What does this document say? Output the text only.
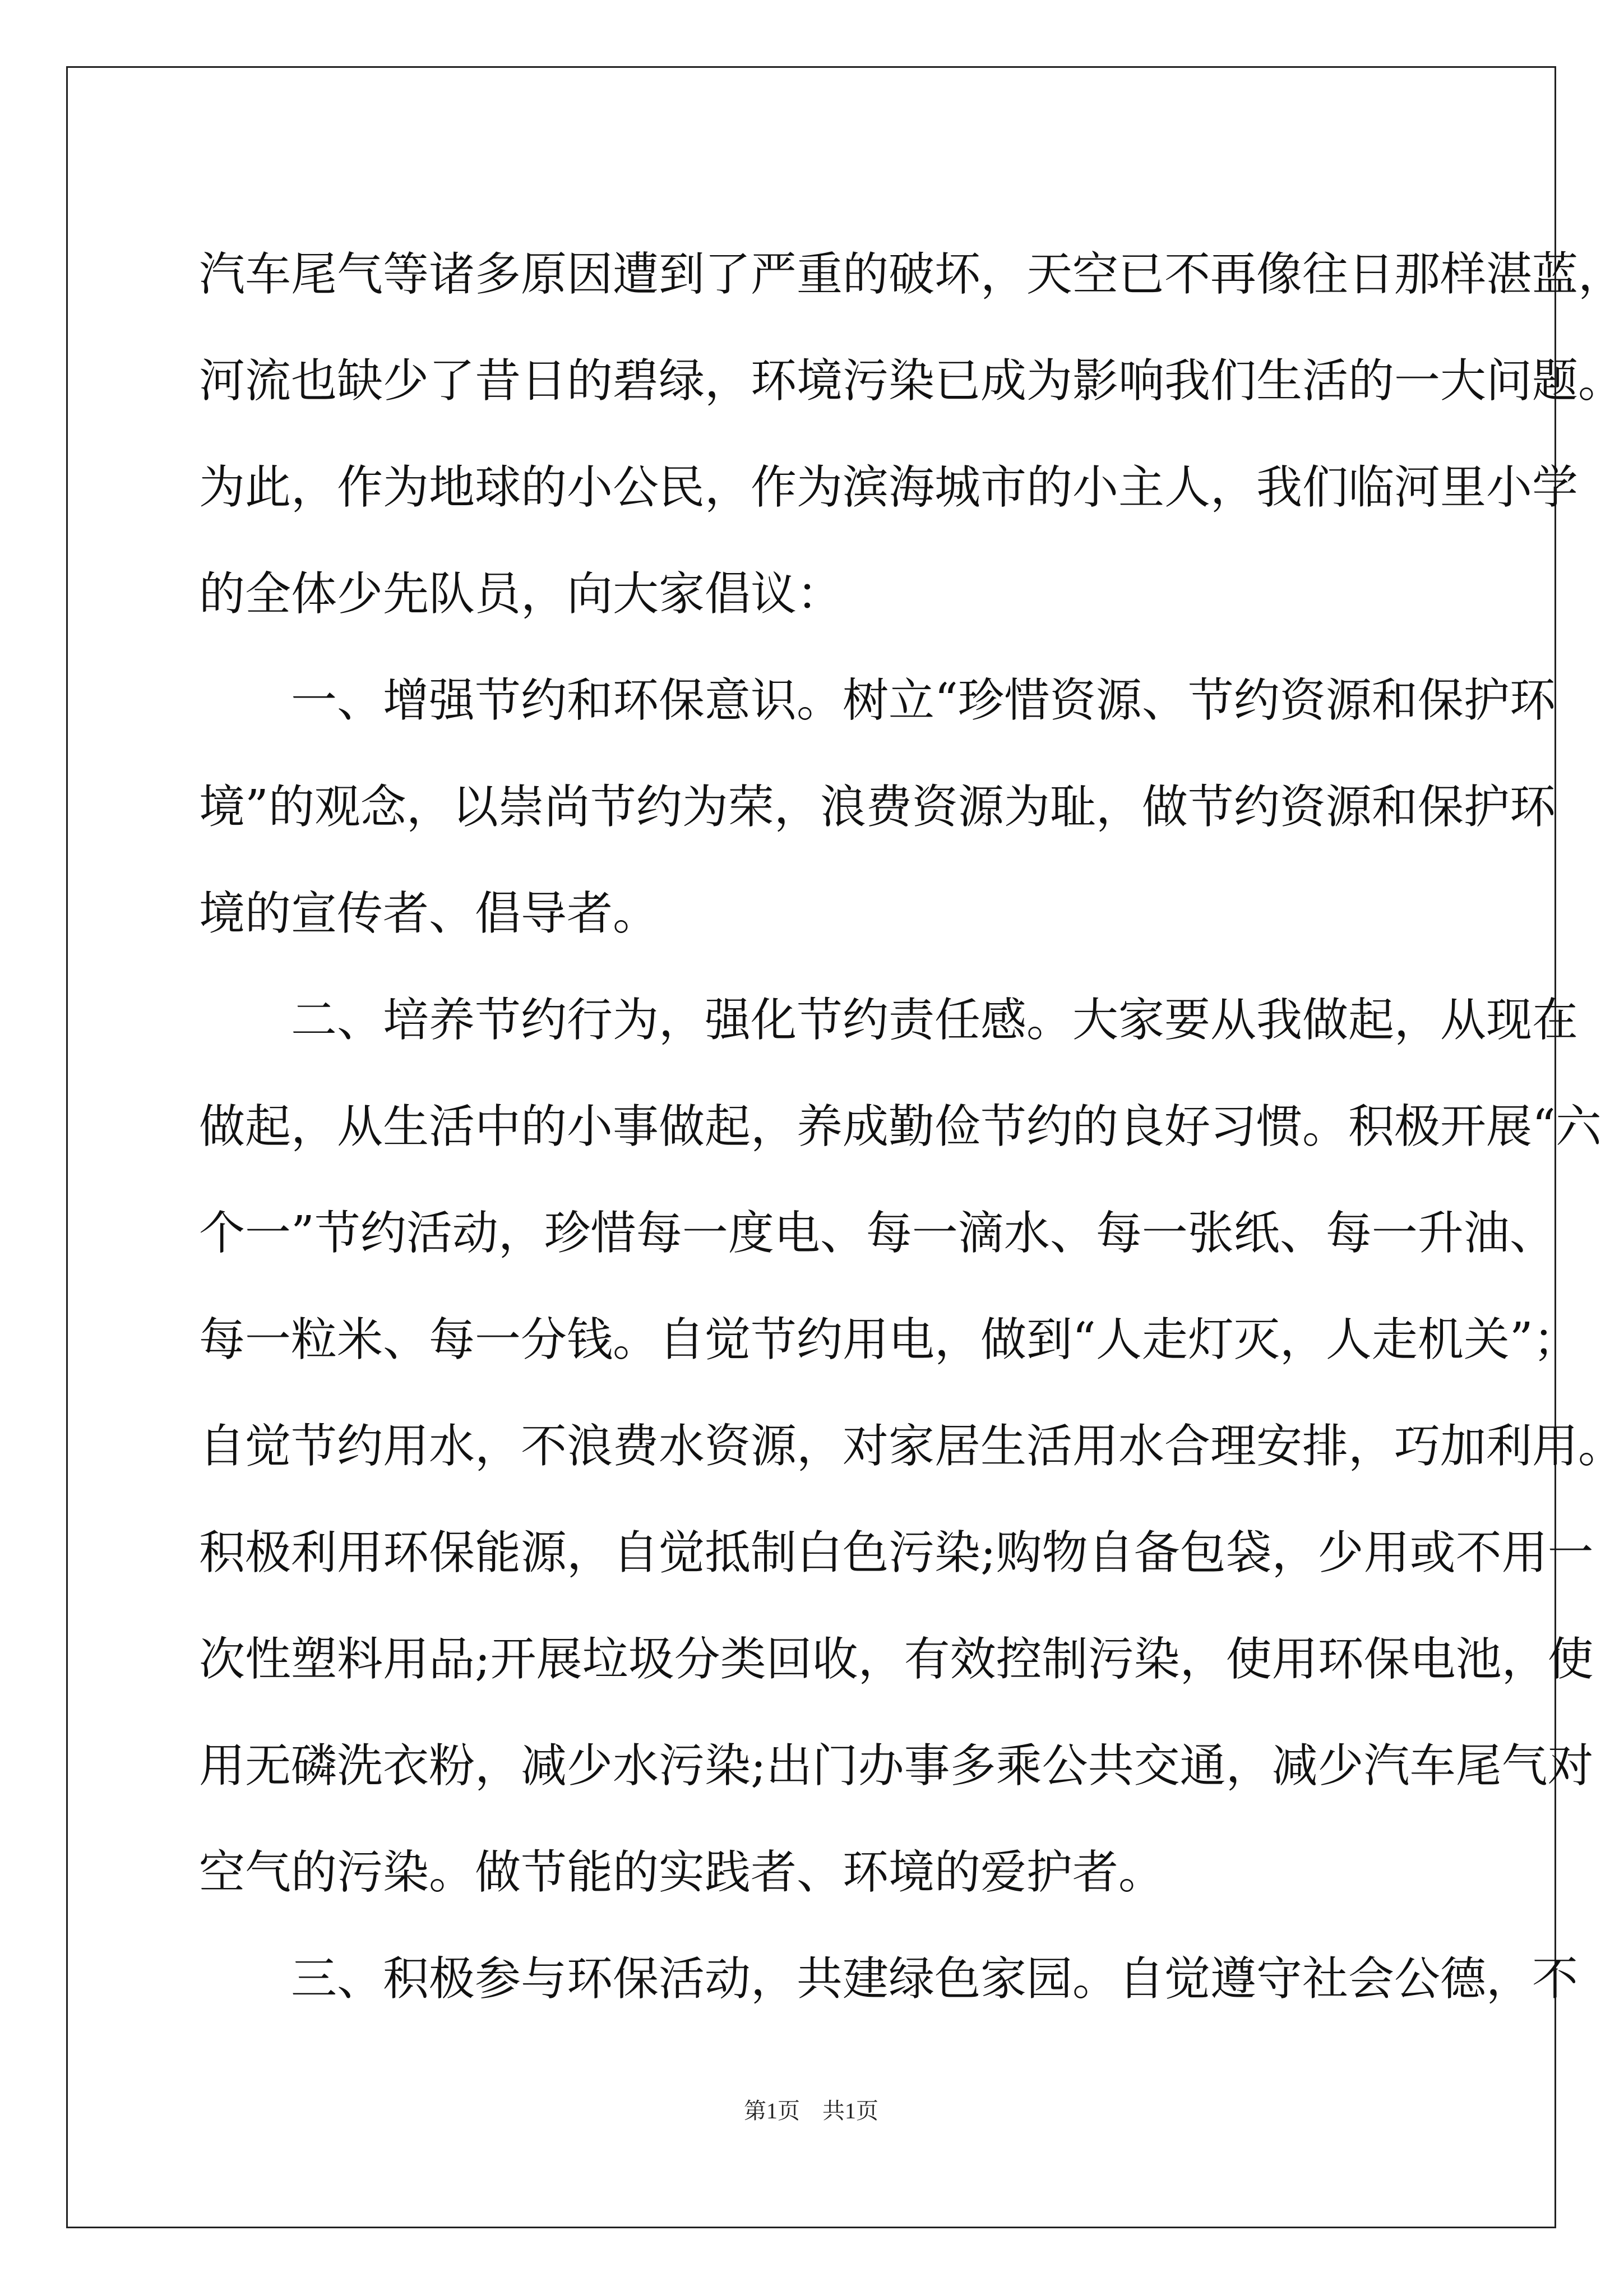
汽车尾气等诸多原因遭到了严重的破坏，天空已不再像往日那样湛蓝，
河流也缺少了昔日的碧绿，环境污染已成为影响我们生活的一大问题。
为此，作为地球的小公民，作为滨海城市的小主人，我们临河里小学
的全体少先队员，向大家倡议：
　　一、增强节约和环保意识。树立“珍惜资源、节约资源和保护环
境”的观念，以崇尚节约为荣，浪费资源为耻，做节约资源和保护环
境的宣传者、倡导者。
　　二、培养节约行为，强化节约责任感。大家要从我做起，从现在
做起，从生活中的小事做起，养成勤俭节约的良好习惯。积极开展“六
个一”节约活动，珍惜每一度电、每一滴水、每一张纸、每一升油、
每一粒米、每一分钱。自觉节约用电，做到“人走灯灭，人走机关”；
自觉节约用水，不浪费水资源，对家居生活用水合理安排，巧加利用。
积极利用环保能源，自觉抵制白色污染;购物自备包袋，少用或不用一
次性塑料用品;开展垃圾分类回收，有效控制污染，使用环保电池，使
用无磷洗衣粉，减少水污染;出门办事多乘公共交通，减少汽车尾气对
空气的污染。做节能的实践者、环境的爱护者。
　　三、积极参与环保活动，共建绿色家园。自觉遵守社会公德，不
第1页　共1页
